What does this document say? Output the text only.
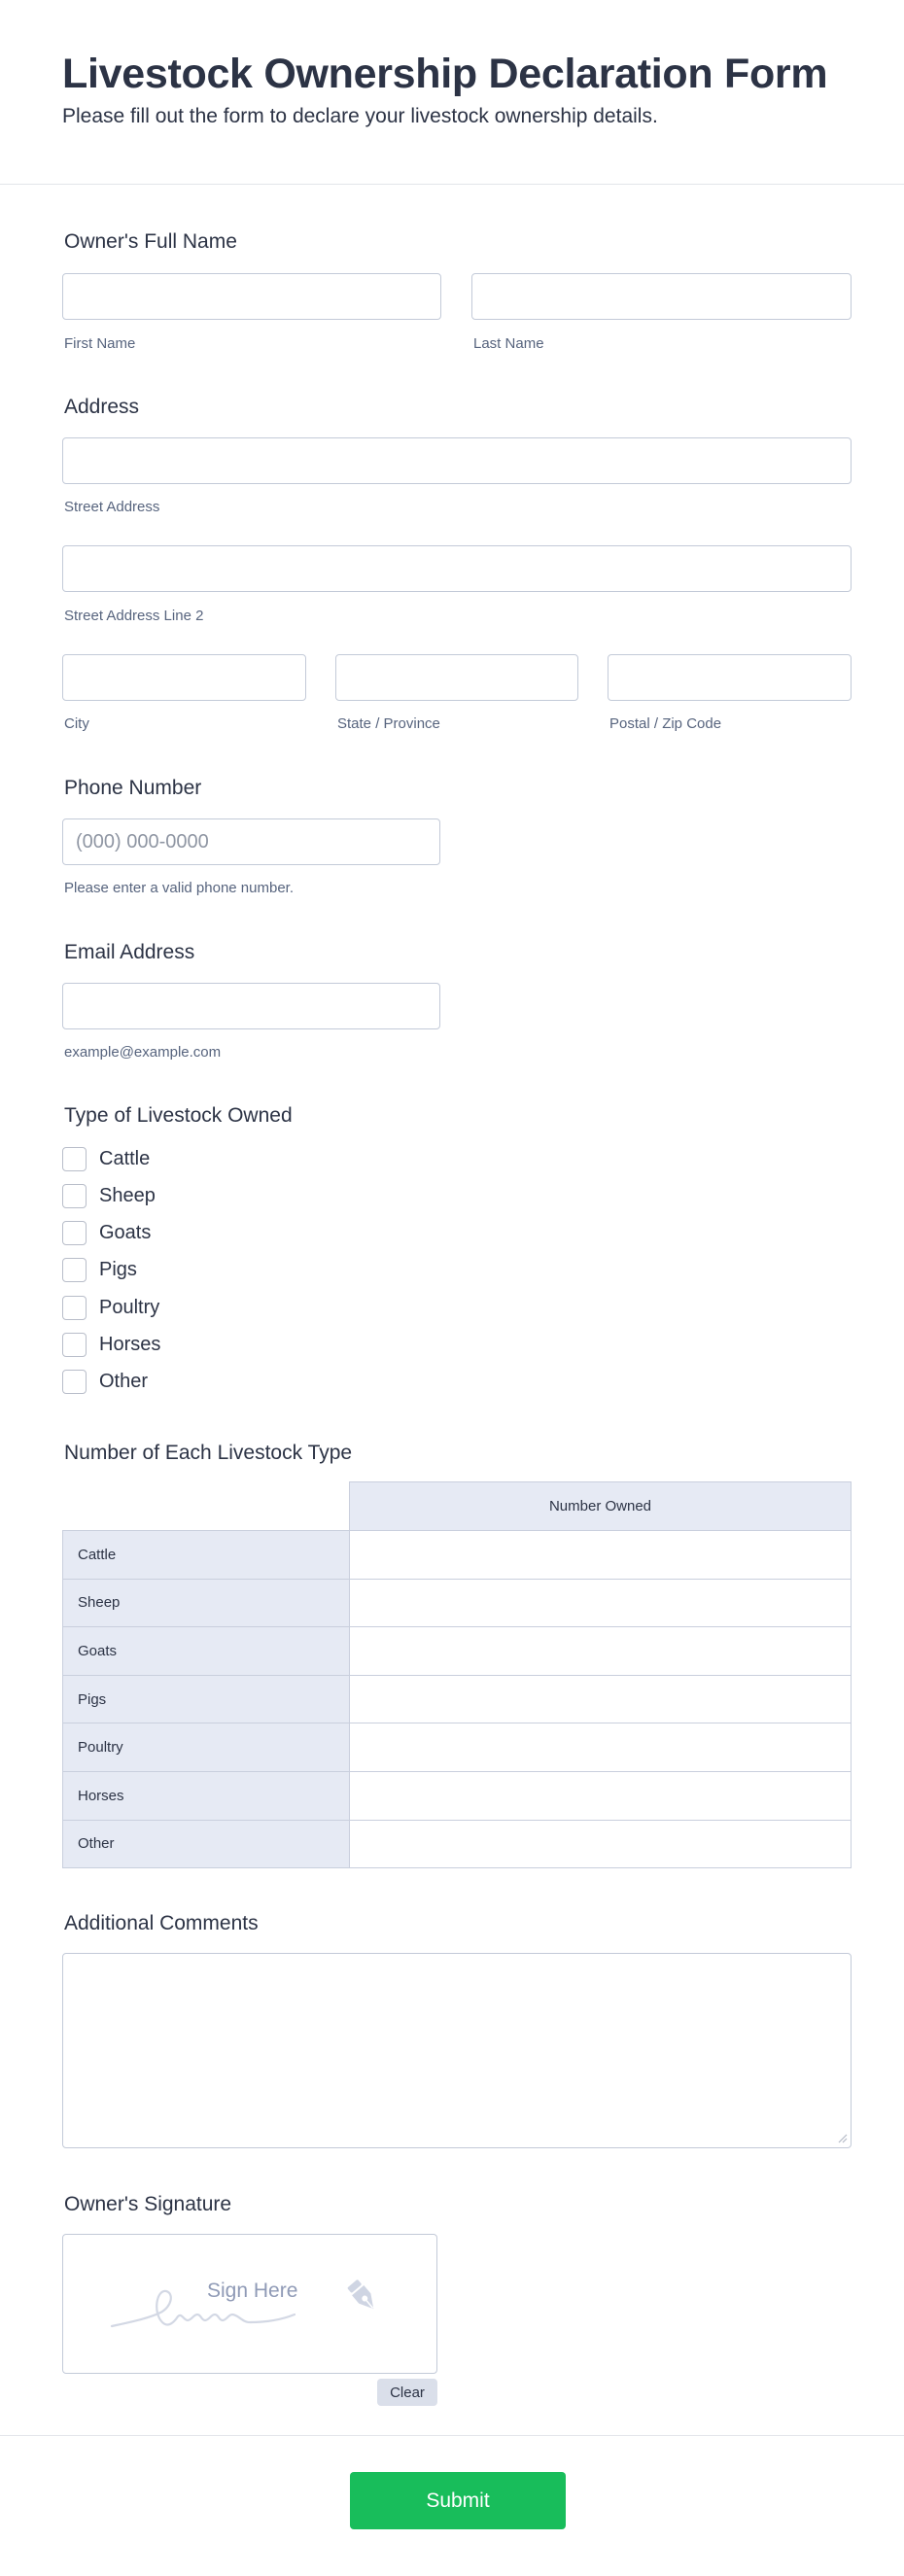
Livestock Ownership Declaration Form

Please fill out the form to declare your livestock ownership details.

Owner's Full Name
First Name	Last Name
Address
Street Address
Street Address Line 2
City	State / Province	Postal / Zip Code
Phone Number
(000) 000-0000
Please enter a valid phone number.
Email Address
example@example.com
Type of Livestock Owned
Cattle
Sheep
Goats
Pigs
Poultry
Horses
Other
Number of Each Livestock Type
	Number Owned
Cattle	
Sheep	
Goats	
Pigs	
Poultry	
Horses	
Other	
Additional Comments
Owner's Signature
Sign Here
Clear
Submit
